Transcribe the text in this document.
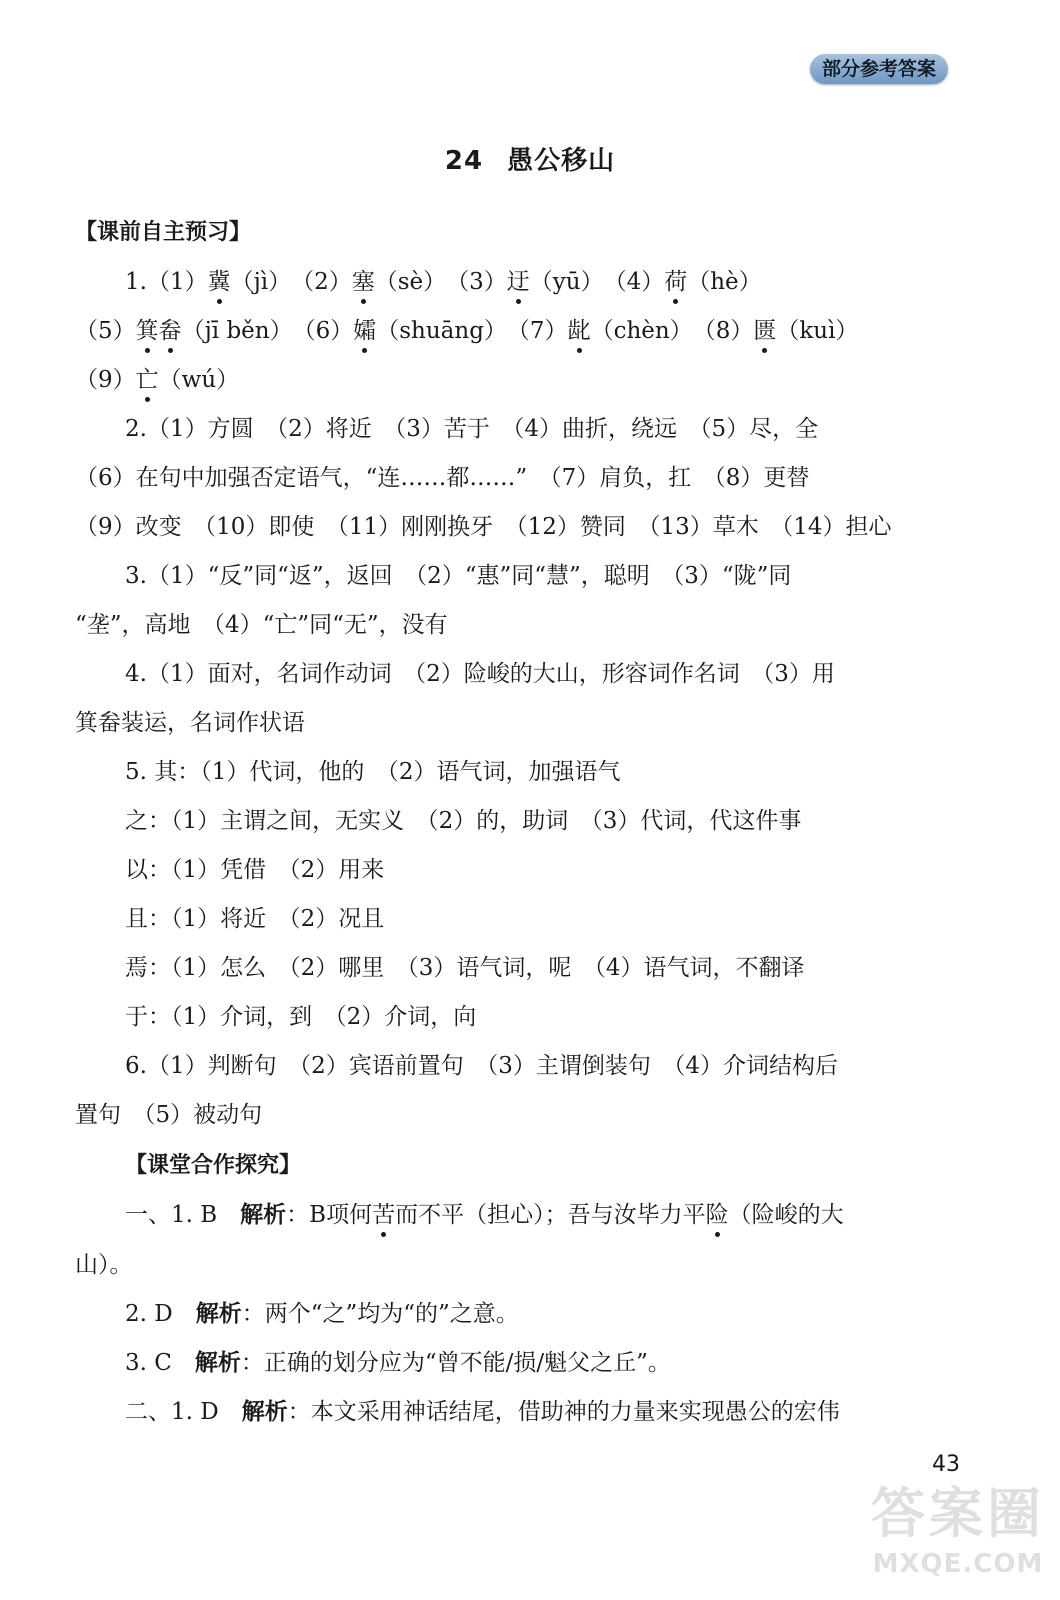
部分参考答案
24 愚公移山
【课前自主预习】
1.（1）冀（jì）　（2）塞（sè）　（3）迂（yū）　（4）荷（hè）
（5）箕畚（jī běn）　（6）孀（shuāng）　（7）龀（chèn）　（8）匮（kuì）
（9）亡（wú）
2.（1）方圆　（2）将近　（3）苦于　（4）曲折，绕远　（5）尽，全
（6）在句中加强否定语气，“连……都……”　（7）肩负，扛　（8）更替
（9）改变　（10）即使　（11）刚刚换牙　（12）赞同　（13）草木　（14）担心
3.（1）“反”同“返”，返回　（2）“惠”同“慧”，聪明　（3）“陇”同
“垄”，高地　（4）“亡”同“无”，没有
4.（1）面对，名词作动词　（2）险峻的大山，形容词作名词　（3）用
箕畚装运，名词作状语
5. 其：（1）代词，他的　（2）语气词，加强语气
之：（1）主谓之间，无实义　（2）的，助词　（3）代词，代这件事
以：（1）凭借　（2）用来
且：（1）将近　（2）况且
焉：（1）怎么　（2）哪里　（3）语气词，呢　（4）语气词，不翻译
于：（1）介词，到　（2）介词，向
6.（1）判断句　（2）宾语前置句　（3）主谓倒装句　（4）介词结构后
置句　（5）被动句
【课堂合作探究】
一、1. B　解析：B项何苦而不平（担心）；吾与汝毕力平险（险峻的大
山）。
2. D　解析：两个“之”均为“的”之意。
3. C　解析：正确的划分应为“曾不能/损/魁父之丘”。
二、1. D　解析：本文采用神话结尾，借助神的力量来实现愚公的宏伟
43
答案圈
MXQE.COM
